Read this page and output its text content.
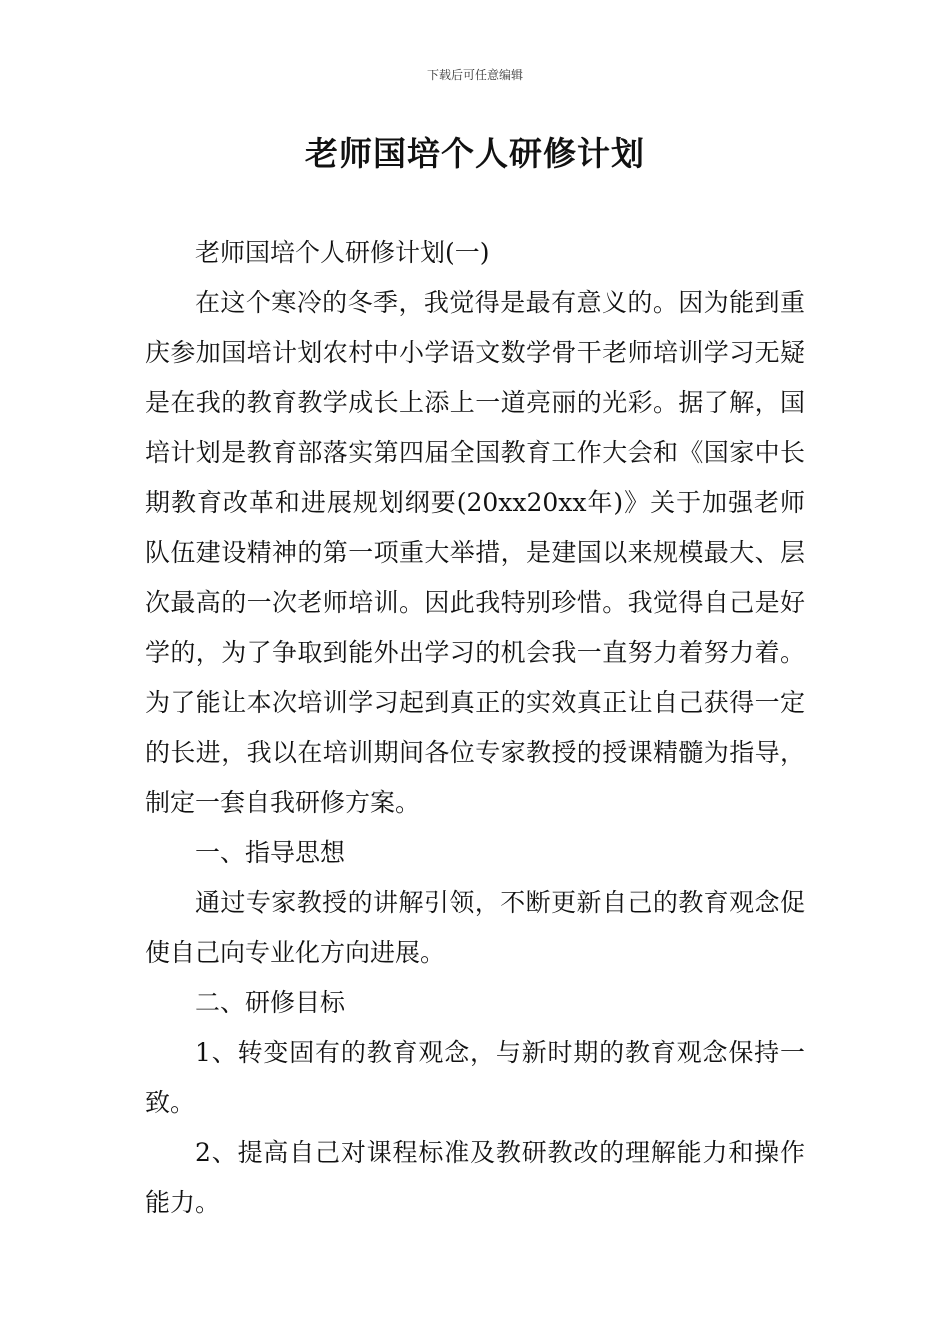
下载后可任意编辑
老师国培个人研修计划

老师国培个人研修计划(一)

在这个寒冷的冬季，我觉得是最有意义的。因为能到重庆参加国培计划农村中小学语文数学骨干老师培训学习无疑是在我的教育教学成长上添上一道亮丽的光彩。据了解，国培计划是教育部落实第四届全国教育工作大会和《国家中长期教育改革和进展规划纲要(20xx20xx年)》关于加强老师队伍建设精神的第一项重大举措，是建国以来规模最大、层次最高的一次老师培训。因此我特别珍惜。我觉得自己是好学的，为了争取到能外出学习的机会我一直努力着努力着。为了能让本次培训学习起到真正的实效真正让自己获得一定的长进，我以在培训期间各位专家教授的授课精髓为指导，制定一套自我研修方案。

一、指导思想

通过专家教授的讲解引领，不断更新自己的教育观念促使自己向专业化方向进展。

二、研修目标

1、转变固有的教育观念，与新时期的教育观念保持一致。

2、提高自己对课程标准及教研教改的理解能力和操作能力。
